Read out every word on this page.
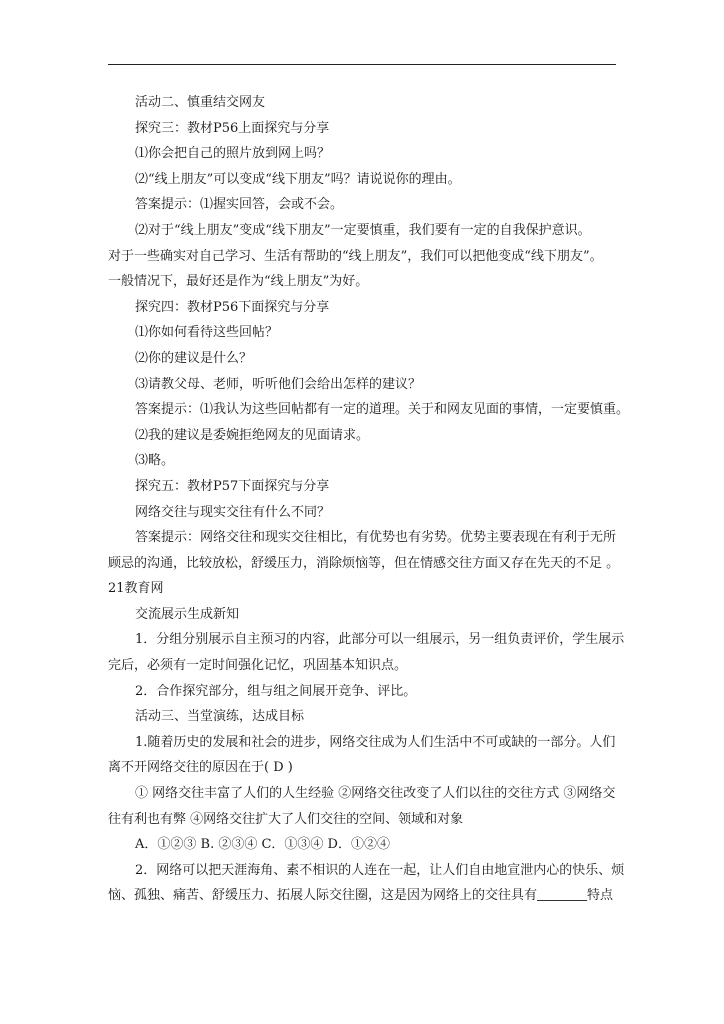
活动二、慎重结交网友
探究三：教材P56上面探究与分享
⑴你会把自己的照片放到网上吗？
⑵“线上朋友”可以变成“线下朋友”吗？请说说你的理由。
答案提示：⑴握实回答，会或不会。
⑵对于“线上朋友”变成“线下朋友”一定要慎重，我们要有一定的自我保护意识。
对于一些确实对自己学习、生活有帮助的“线上朋友”，我们可以把他变成“线下朋友”。
一般情况下，最好还是作为“线上朋友”为好。
探究四：教材P56下面探究与分享
⑴你如何看待这些回帖？
⑵你的建议是什么？
⑶请教父母、老师，听听他们会给出怎样的建议？
答案提示：⑴我认为这些回帖都有一定的道理。关于和网友见面的事情，一定要慎重。
⑵我的建议是委婉拒绝网友的见面请求。
⑶略。
探究五：教材P57下面探究与分享
网络交往与现实交往有什么不同？
答案提示：网络交往和现实交往相比，有优势也有劣势。优势主要表现在有利于无所
顾忌的沟通，比较放松，舒缓压力，消除烦恼等，但在情感交往方面又存在先天的不足 。
21教育网
交流展示生成新知
1．分组分别展示自主预习的内容，此部分可以一组展示，另一组负责评价，学生展示
完后，必须有一定时间强化记忆，巩固基本知识点。
2．合作探究部分，组与组之间展开竞争、评比。
活动三、当堂演练，达成目标
1.随着历史的发展和社会的进步，网络交往成为人们生活中不可或缺的一部分。人们
离不开网络交往的原因在于( D )
① 网络交往丰富了人们的人生经验 ②网络交往改变了人们以往的交往方式 ③网络交
往有利也有弊 ④网络交往扩大了人们交往的空间、领域和对象
A．①②③ B. ②③④ C．①③④ D．①②④
2．网络可以把天涯海角、素不相识的人连在一起，让人们自由地宣泄内心的快乐、烦
恼、孤独、痛苦、舒缓压力、拓展人际交往圈，这是因为网络上的交往具有	特点
